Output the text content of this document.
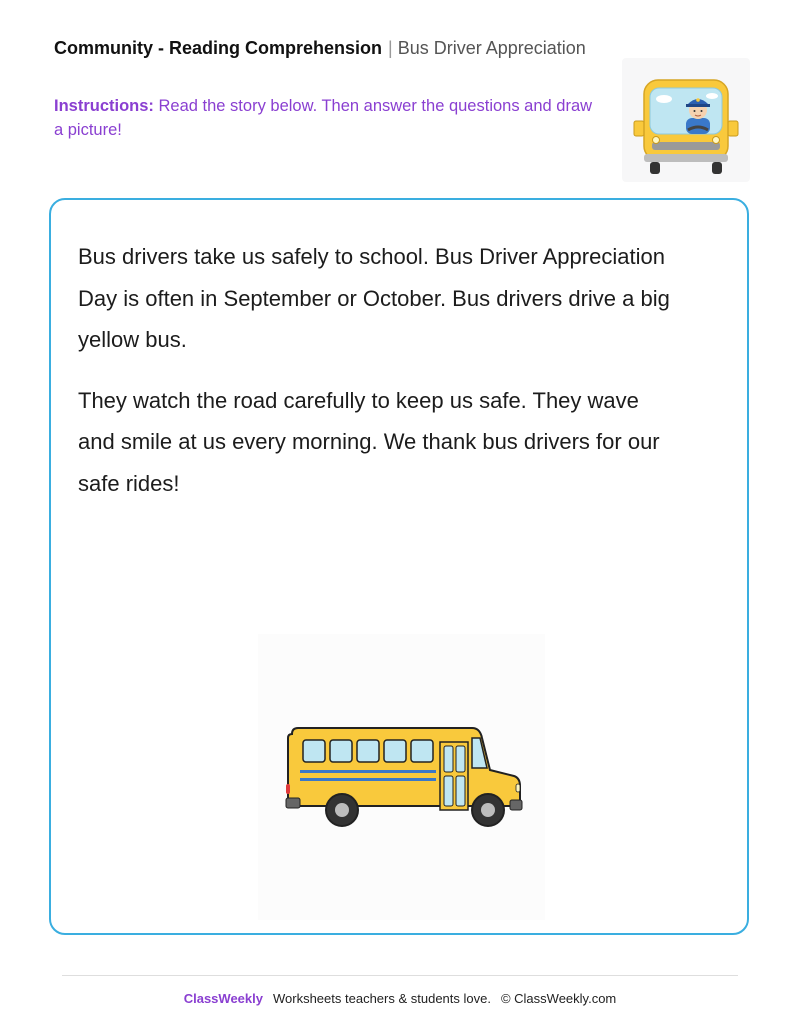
Community - Reading Comprehension | Bus Driver Appreciation
Instructions: Read the story below. Then answer the questions and draw a picture!

Bus drivers take us safely to school. Bus Driver Appreciation Day is often in September or October. Bus drivers drive a big yellow bus.

They watch the road carefully to keep us safe. They wave and smile at us every morning. We thank bus drivers for our safe rides!

ClassWeekly Worksheets teachers & students love. © ClassWeekly.com
